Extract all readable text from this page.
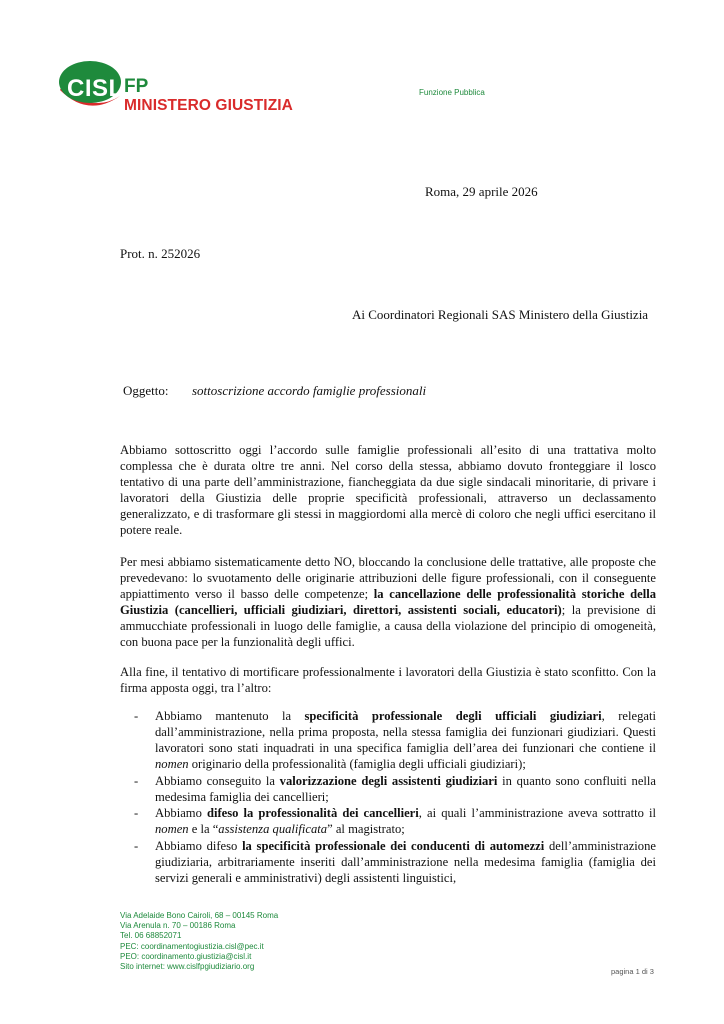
CISL FP
MINISTERO GIUSTIZIA
Funzione Pubblica
Roma, 29 aprile 2026
Prot. n. 252026
Ai Coordinatori Regionali SAS Ministero della Giustizia
Oggetto: sottoscrizione accordo famiglie professionali
Abbiamo sottoscritto oggi l’accordo sulle famiglie professionali all’esito di una trattativa molto complessa che è durata oltre tre anni. Nel corso della stessa, abbiamo dovuto fronteggiare il losco tentativo di una parte dell’amministrazione, fiancheggiata da due sigle sindacali minoritarie, di privare i lavoratori della Giustizia delle proprie specificità professionali, attraverso un declassamento generalizzato, e di trasformare gli stessi in maggiordomi alla mercè di coloro che negli uffici esercitano il potere reale.
Per mesi abbiamo sistematicamente detto NO, bloccando la conclusione delle trattative, alle proposte che prevedevano: lo svuotamento delle originarie attribuzioni delle figure professionali, con il conseguente appiattimento verso il basso delle competenze; la cancellazione delle professionalità storiche della Giustizia (cancellieri, ufficiali giudiziari, direttori, assistenti sociali, educatori); la previsione di ammucchiate professionali in luogo delle famiglie, a causa della violazione del principio di omogeneità, con buona pace per la funzionalità degli uffici.
Alla fine, il tentativo di mortificare professionalmente i lavoratori della Giustizia è stato sconfitto. Con la firma apposta oggi, tra l’altro:
- Abbiamo mantenuto la specificità professionale degli ufficiali giudiziari, relegati dall’amministrazione, nella prima proposta, nella stessa famiglia dei funzionari giudiziari. Questi lavoratori sono stati inquadrati in una specifica famiglia dell’area dei funzionari che contiene il nomen originario della professionalità (famiglia degli ufficiali giudiziari);
- Abbiamo conseguito la valorizzazione degli assistenti giudiziari in quanto sono confluiti nella medesima famiglia dei cancellieri;
- Abbiamo difeso la professionalità dei cancellieri, ai quali l’amministrazione aveva sottratto il nomen e la “assistenza qualificata” al magistrato;
- Abbiamo difeso la specificità professionale dei conducenti di automezzi dell’amministrazione giudiziaria, arbitrariamente inseriti dall’amministrazione nella medesima famiglia (famiglia dei servizi generali e amministrativi) degli assistenti linguistici,
Via Adelaide Bono Cairoli, 68 – 00145 Roma
Via Arenula n. 70 – 00186 Roma
Tel. 06 68852071
PEC: coordinamentogiustizia.cisl@pec.it
PEO: coordinamento.giustizia@cisl.it
Sito internet: www.cislfpgiudiziario.org
pagina 1 di 3
